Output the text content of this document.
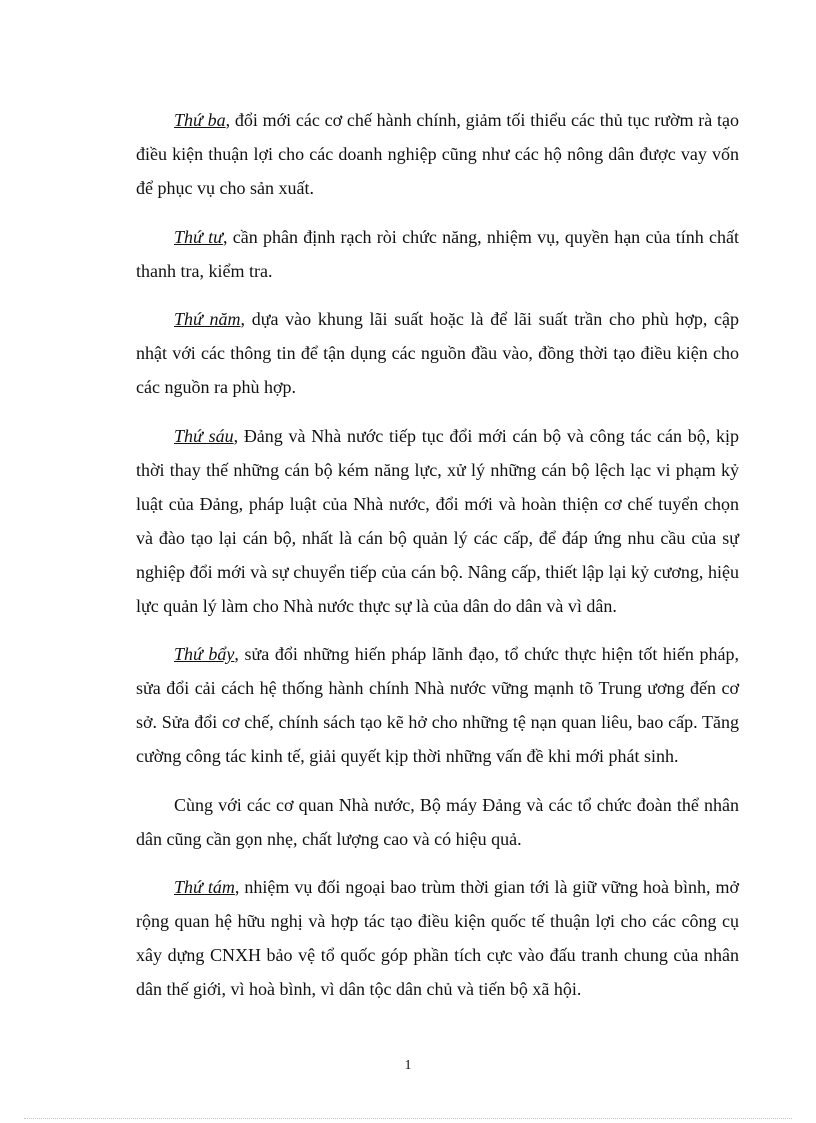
Thứ ba, đổi mới các cơ chế hành chính, giảm tối thiểu các thủ tục rườm rà tạo điều kiện thuận lợi cho các doanh nghiệp cũng như các hộ nông dân được vay vốn để phục vụ cho sản xuất.

Thứ tư, cần phân định rạch ròi chức năng, nhiệm vụ, quyền hạn của tính chất thanh tra, kiểm tra.

Thứ năm, dựa vào khung lãi suất hoặc là để lãi suất trần cho phù hợp, cập nhật với các thông tin để tận dụng các nguồn đầu vào, đồng thời tạo điều kiện cho các nguồn ra phù hợp.

Thứ sáu, Đảng và Nhà nước tiếp tục đổi mới cán bộ và công tác cán bộ, kịp thời thay thế những cán bộ kém năng lực, xử lý những cán bộ lệch lạc vi phạm kỷ luật của Đảng, pháp luật của Nhà nước, đổi mới và hoàn thiện cơ chế tuyển chọn và đào tạo lại cán bộ, nhất là cán bộ quản lý các cấp, để đáp ứng nhu cầu của sự nghiệp đổi mới và sự chuyển tiếp của cán bộ. Nâng cấp, thiết lập lại kỷ cương, hiệu lực quản lý làm cho Nhà nước thực sự là của dân do dân và vì dân.

Thứ bẩy, sửa đổi những hiến pháp lãnh đạo, tổ chức thực hiện tốt hiến pháp, sửa đổi cải cách hệ thống hành chính Nhà nước vững mạnh tõ Trung ương đến cơ sở. Sửa đổi cơ chế, chính sách tạo kẽ hở cho những tệ nạn quan liêu, bao cấp. Tăng cường công tác kinh tế, giải quyết kịp thời những vấn đề khi mới phát sinh.

Cùng với các cơ quan Nhà nước, Bộ máy Đảng và các tổ chức đoàn thể nhân dân cũng cần gọn nhẹ, chất lượng cao và có hiệu quả.

Thứ tám, nhiệm vụ đối ngoại bao trùm thời gian tới là giữ vững hoà bình, mở rộng quan hệ hữu nghị và hợp tác tạo điều kiện quốc tế thuận lợi cho các công cụ xây dựng CNXH bảo vệ tổ quốc góp phần tích cực vào đấu tranh chung của nhân dân thế giới, vì hoà bình, vì dân tộc dân chủ và tiến bộ xã hội.

1
